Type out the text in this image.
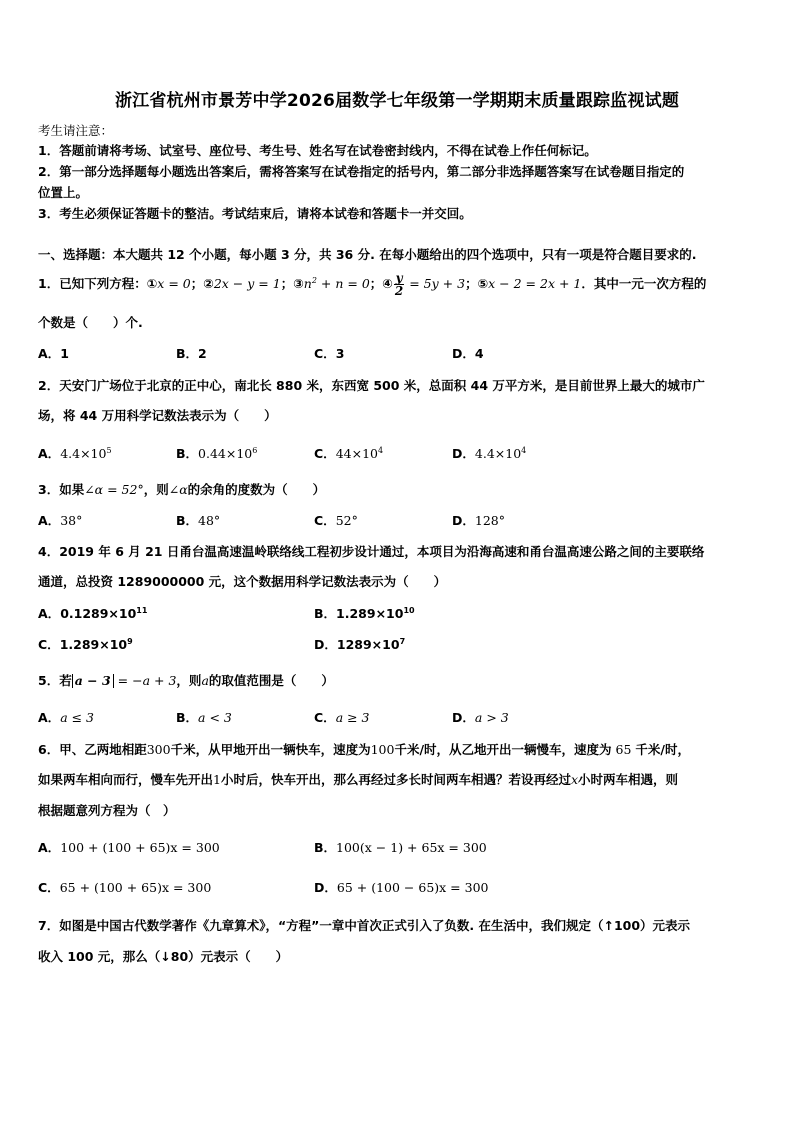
浙江省杭州市景芳中学2026届数学七年级第一学期期末质量跟踪监视试题
考生请注意：
1．答题前请将考场、试室号、座位号、考生号、姓名写在试卷密封线内，不得在试卷上作任何标记。
2．第一部分选择题每小题选出答案后，需将答案写在试卷指定的括号内，第二部分非选择题答案写在试卷题目指定的
位置上。
3．考生必须保证答题卡的整洁。考试结束后，请将本试卷和答题卡一并交回。
一、选择题：本大题共 12 个小题，每小题 3 分，共 36 分. 在每小题给出的四个选项中，只有一项是符合题目要求的.
1．已知下列方程：①x = 0；②2x − y = 1；$③n^2 + n = 0$；④ $\frac{y}{2} = 5y + 3$；⑤x − 2 = 2x + 1．其中一元一次方程的
个数是（　　）个.
A．1	B．2	C．3	D．4
2．天安门广场位于北京的正中心，南北长 880 米，东西宽 500 米，总面积 44 万平方米，是目前世界上最大的城市广
场，将 44 万用科学记数法表示为（　　）
A．$4.4\times 10^5$	B．$0.44\times 10^6$	C．$44\times 10^4$	D．$4.4\times 10^4$
3．如果∠α = 52°，则∠α的余角的度数为（　　）
A．38°	B．48°	C．52°	D．128°
4．2019 年 6 月 21 日甬台温高速温岭联络线工程初步设计通过，本项目为沿海高速和甬台温高速公路之间的主要联络
通道，总投资 1289000000 元，这个数据用科学记数法表示为（　　）
A．$0.1289\times 10^{11}$	B．$1.289\times 10^{10}$
C．$1.289\times 10^9$	D．$1289\times 10^7$
5．若 a − 3 = −a + 3，则a的取值范围是（　　）
A．a ≤ 3	B．a < 3	C．a ≥ 3	D．a > 3
6．甲、乙两地相距300千米，从甲地开出一辆快车，速度为100千米/时，从乙地开出一辆慢车，速度为 65 千米/时，
如果两车相向而行，慢车先开出1小时后，快车开出，那么再经过多长时间两车相遇？若设再经过x小时两车相遇，则
根据题意列方程为（　）
A．100 + (100 + 65)x = 300	B．100(x − 1) + 65x = 300
C．65 + (100 + 65)x = 300	D．65 + (100 − 65)x = 300
7．如图是中国古代数学著作《九章算术》，“方程”一章中首次正式引入了负数. 在生活中，我们规定（↑100）元表示
收入 100 元，那么（↓80）元表示（　　）
